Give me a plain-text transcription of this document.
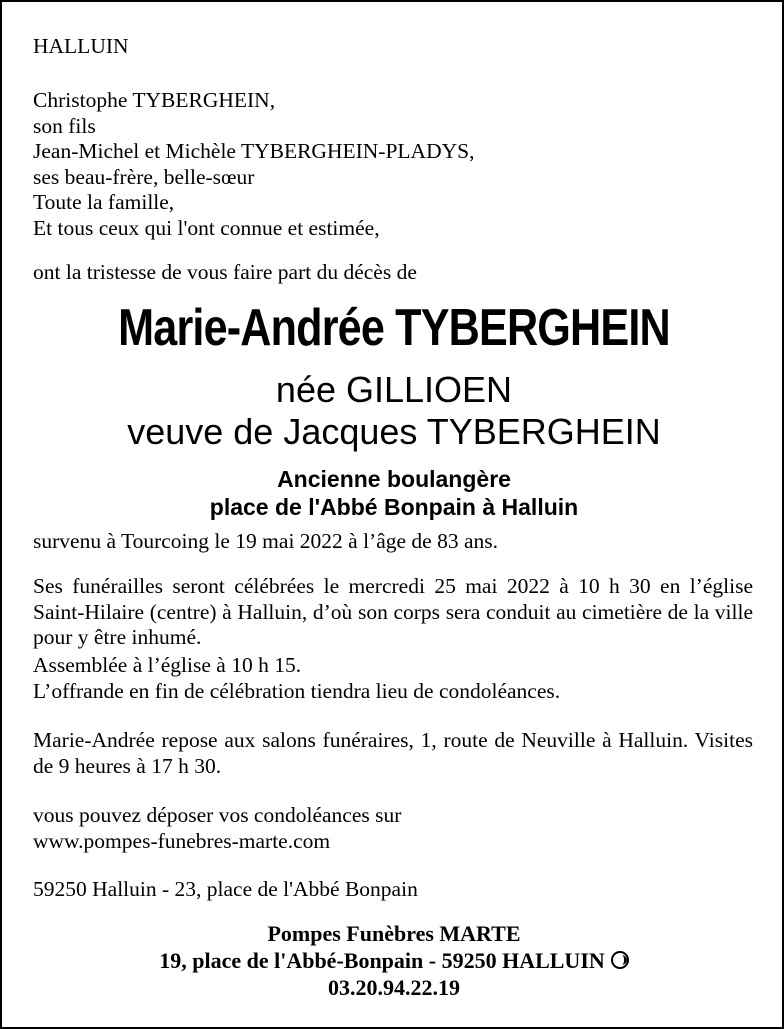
HALLUIN
Christophe TYBERGHEIN,
son fils
Jean-Michel et Michèle TYBERGHEIN-PLADYS,
ses beau-frère, belle-sœur
Toute la famille,
Et tous ceux qui l'ont connue et estimée,
ont la tristesse de vous faire part du décès de
Marie-Andrée TYBERGHEIN
née GILLIOEN
veuve de Jacques TYBERGHEIN
Ancienne boulangère
place de l'Abbé Bonpain à Halluin
survenu à Tourcoing le 19 mai 2022 à l’âge de 83 ans.
Ses funérailles seront célébrées le mercredi 25 mai 2022 à 10 h 30 en l’église Saint-Hilaire (centre) à Halluin, d’où son corps sera conduit au cimetière de la ville pour y être inhumé.
Assemblée à l’église à 10 h 15.
L’offrande en fin de célébration tiendra lieu de condoléances.
Marie-Andrée repose aux salons funéraires, 1, route de Neuville à Halluin. Visites de 9 heures à 17 h 30.
vous pouvez déposer vos condoléances sur
www.pompes-funebres-marte.com
59250 Halluin - 23, place de l'Abbé Bonpain
Pompes Funèbres MARTE
19, place de l'Abbé-Bonpain - 59250 HALLUIN
03.20.94.22.19
